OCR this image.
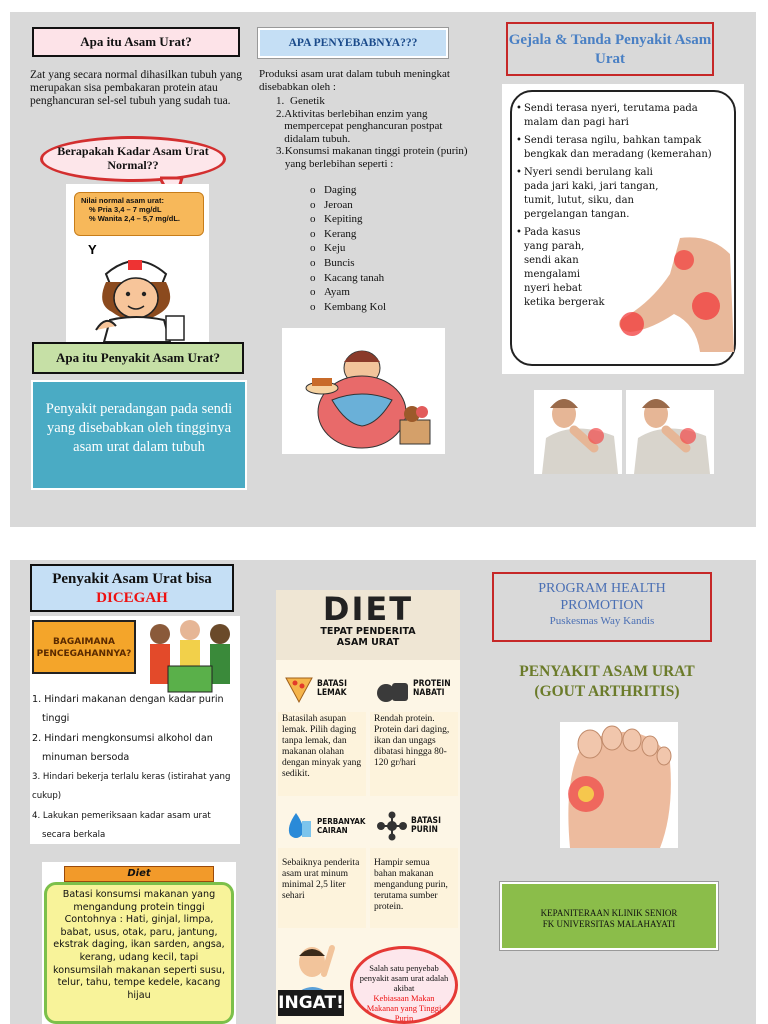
Apa itu Asam Urat?

Zat yang secara normal dihasilkan tubuh yang merupakan sisa pembakaran protein atau penghancuran sel-sel tubuh yang sudah tua.

Berapakah Kadar Asam Urat Normal??
Nilai normal asam urat:
% Pria 3,4 – 7 mg/dL
% Wanita 2,4 – 5,7 mg/dL.
Y
Apa itu Penyakit Asam Urat?
Penyakit peradangan pada sendi yang disebabkan oleh tingginya asam urat dalam tubuh
APA PENYEBABNYA???

Produksi asam urat dalam tubuh meningkat disebabkan oleh :

1. Genetik
2. Aktivitas berlebihan enzim yang mempercepat penghancuran postpat didalam tubuh.
3. Konsumsi makanan tinggi protein (purin) yang berlebihan seperti :
o Daging
o Jeroan
o Kepiting
o Kerang
o Keju
o Buncis
o Kacang tanah
o Ayam
o Kembang Kol
Gejala & Tanda Penyakit Asam Urat
• Sendi terasa nyeri, terutama pada malam dan pagi hari
• Sendi terasa ngilu, bahkan tampak bengkak dan meradang (kemerahan)
• Nyeri sendi berulang kali pada jari kaki, jari tangan, tumit, lutut, siku, dan pergelangan tangan.
• Pada kasus yang parah, sendi akan mengalami nyeri hebat ketika bergerak
Penyakit Asam Urat bisa
DICEGAH
BAGAIMANA
PENCEGAHANNYA?
1. Hindari makanan dengan kadar purin tinggi
2. Hindari mengkonsumsi alkohol dan minuman bersoda
3. Hindari bekerja terlalu keras (istirahat yang cukup)
4. Lakukan pemeriksaan kadar asam urat secara berkala
Diet
Batasi konsumsi makanan yang mengandung protein tinggi Contohnya : Hati, ginjal, limpa, babat, usus, otak, paru, jantung, ekstrak daging, ikan sarden, angsa, kerang, udang kecil, tapi konsumsilah makanan seperti susu, telur, tahu, tempe kedele, kacang hijau
DIET
TEPAT PENDERITA
ASAM URAT
BATASI
LEMAK
Batasilah asupan lemak. Pilih daging tanpa lemak, dan makanan olahan dengan minyak yang sedikit.
PROTEIN
NABATI
Rendah protein. Protein dari daging, ikan dan ungags dibatasi hingga 80-120 gr/hari
PERBANYAK
CAIRAN
Sebaiknya penderita asam urat minum minimal 2,5 liter sehari
BATASI
PURIN
Hampir semua bahan makanan mengandung purin, terutama sumber protein.
INGAT!
Salah satu penyebab penyakit asam urat adalah akibat
Kebiasaan Makan Makanan yang Tinggi Purin
PROGRAM HEALTH
PROMOTION
Puskesmas Way Kandis
PENYAKIT ASAM URAT
(GOUT ARTHRITIS)
KEPANITERAAN KLINIK SENIOR
FK UNIVERSITAS MALAHAYATI
